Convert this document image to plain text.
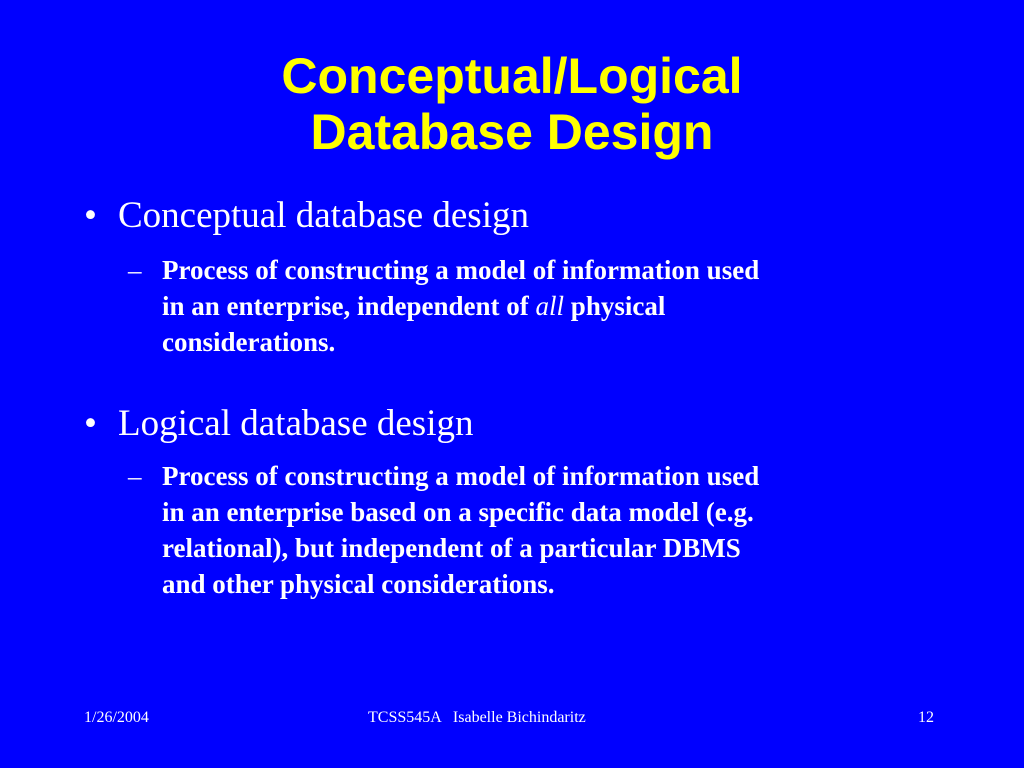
Conceptual/Logical
Database Design
• Conceptual database design
– Process of constructing a model of information used
in an enterprise, independent of all physical
considerations.
• Logical database design
– Process of constructing a model of information used
in an enterprise based on a specific data model (e.g.
relational), but independent of a particular DBMS
and other physical considerations.
1/26/2004	TCSS545A   Isabelle Bichindaritz	12
